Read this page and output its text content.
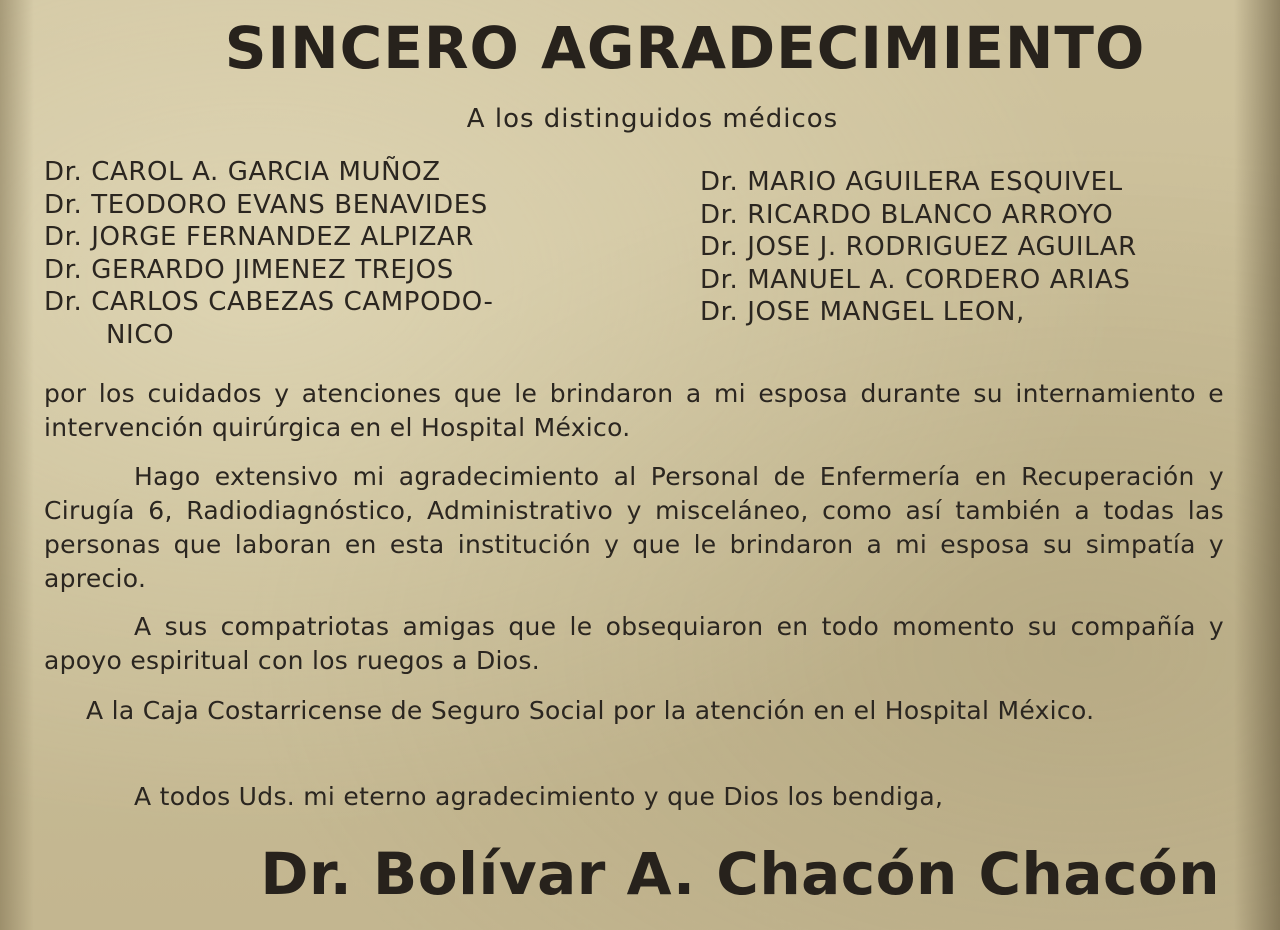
SINCERO AGRADECIMIENTO
A los distinguidos médicos
Dr. CAROL A. GARCIA MUÑOZ
Dr. TEODORO EVANS BENAVIDES
Dr. JORGE FERNANDEZ ALPIZAR
Dr. GERARDO JIMENEZ TREJOS
Dr. CARLOS CABEZAS CAMPODO-
NICO
Dr. MARIO AGUILERA ESQUIVEL
Dr. RICARDO BLANCO ARROYO
Dr. JOSE J. RODRIGUEZ AGUILAR
Dr. MANUEL A. CORDERO ARIAS
Dr. JOSE MANGEL LEON,

por los cuidados y atenciones que le brindaron a mi esposa durante su internamiento e intervención quirúrgica en el Hospital México.

Hago extensivo mi agradecimiento al Personal de Enfermería en Recuperación y Cirugía 6, Radiodiagnóstico, Administrativo y misceláneo, como así también a todas las personas que laboran en esta institución y que le brindaron a mi esposa su simpatía y aprecio.

A sus compatriotas amigas que le obsequiaron en todo momento su compañía y apoyo espiritual con los ruegos a Dios.

A la Caja Costarricense de Seguro Social por la atención en el Hospital México.

A todos Uds. mi eterno agradecimiento y que Dios los bendiga,

Dr. Bolívar A. Chacón Chacón
